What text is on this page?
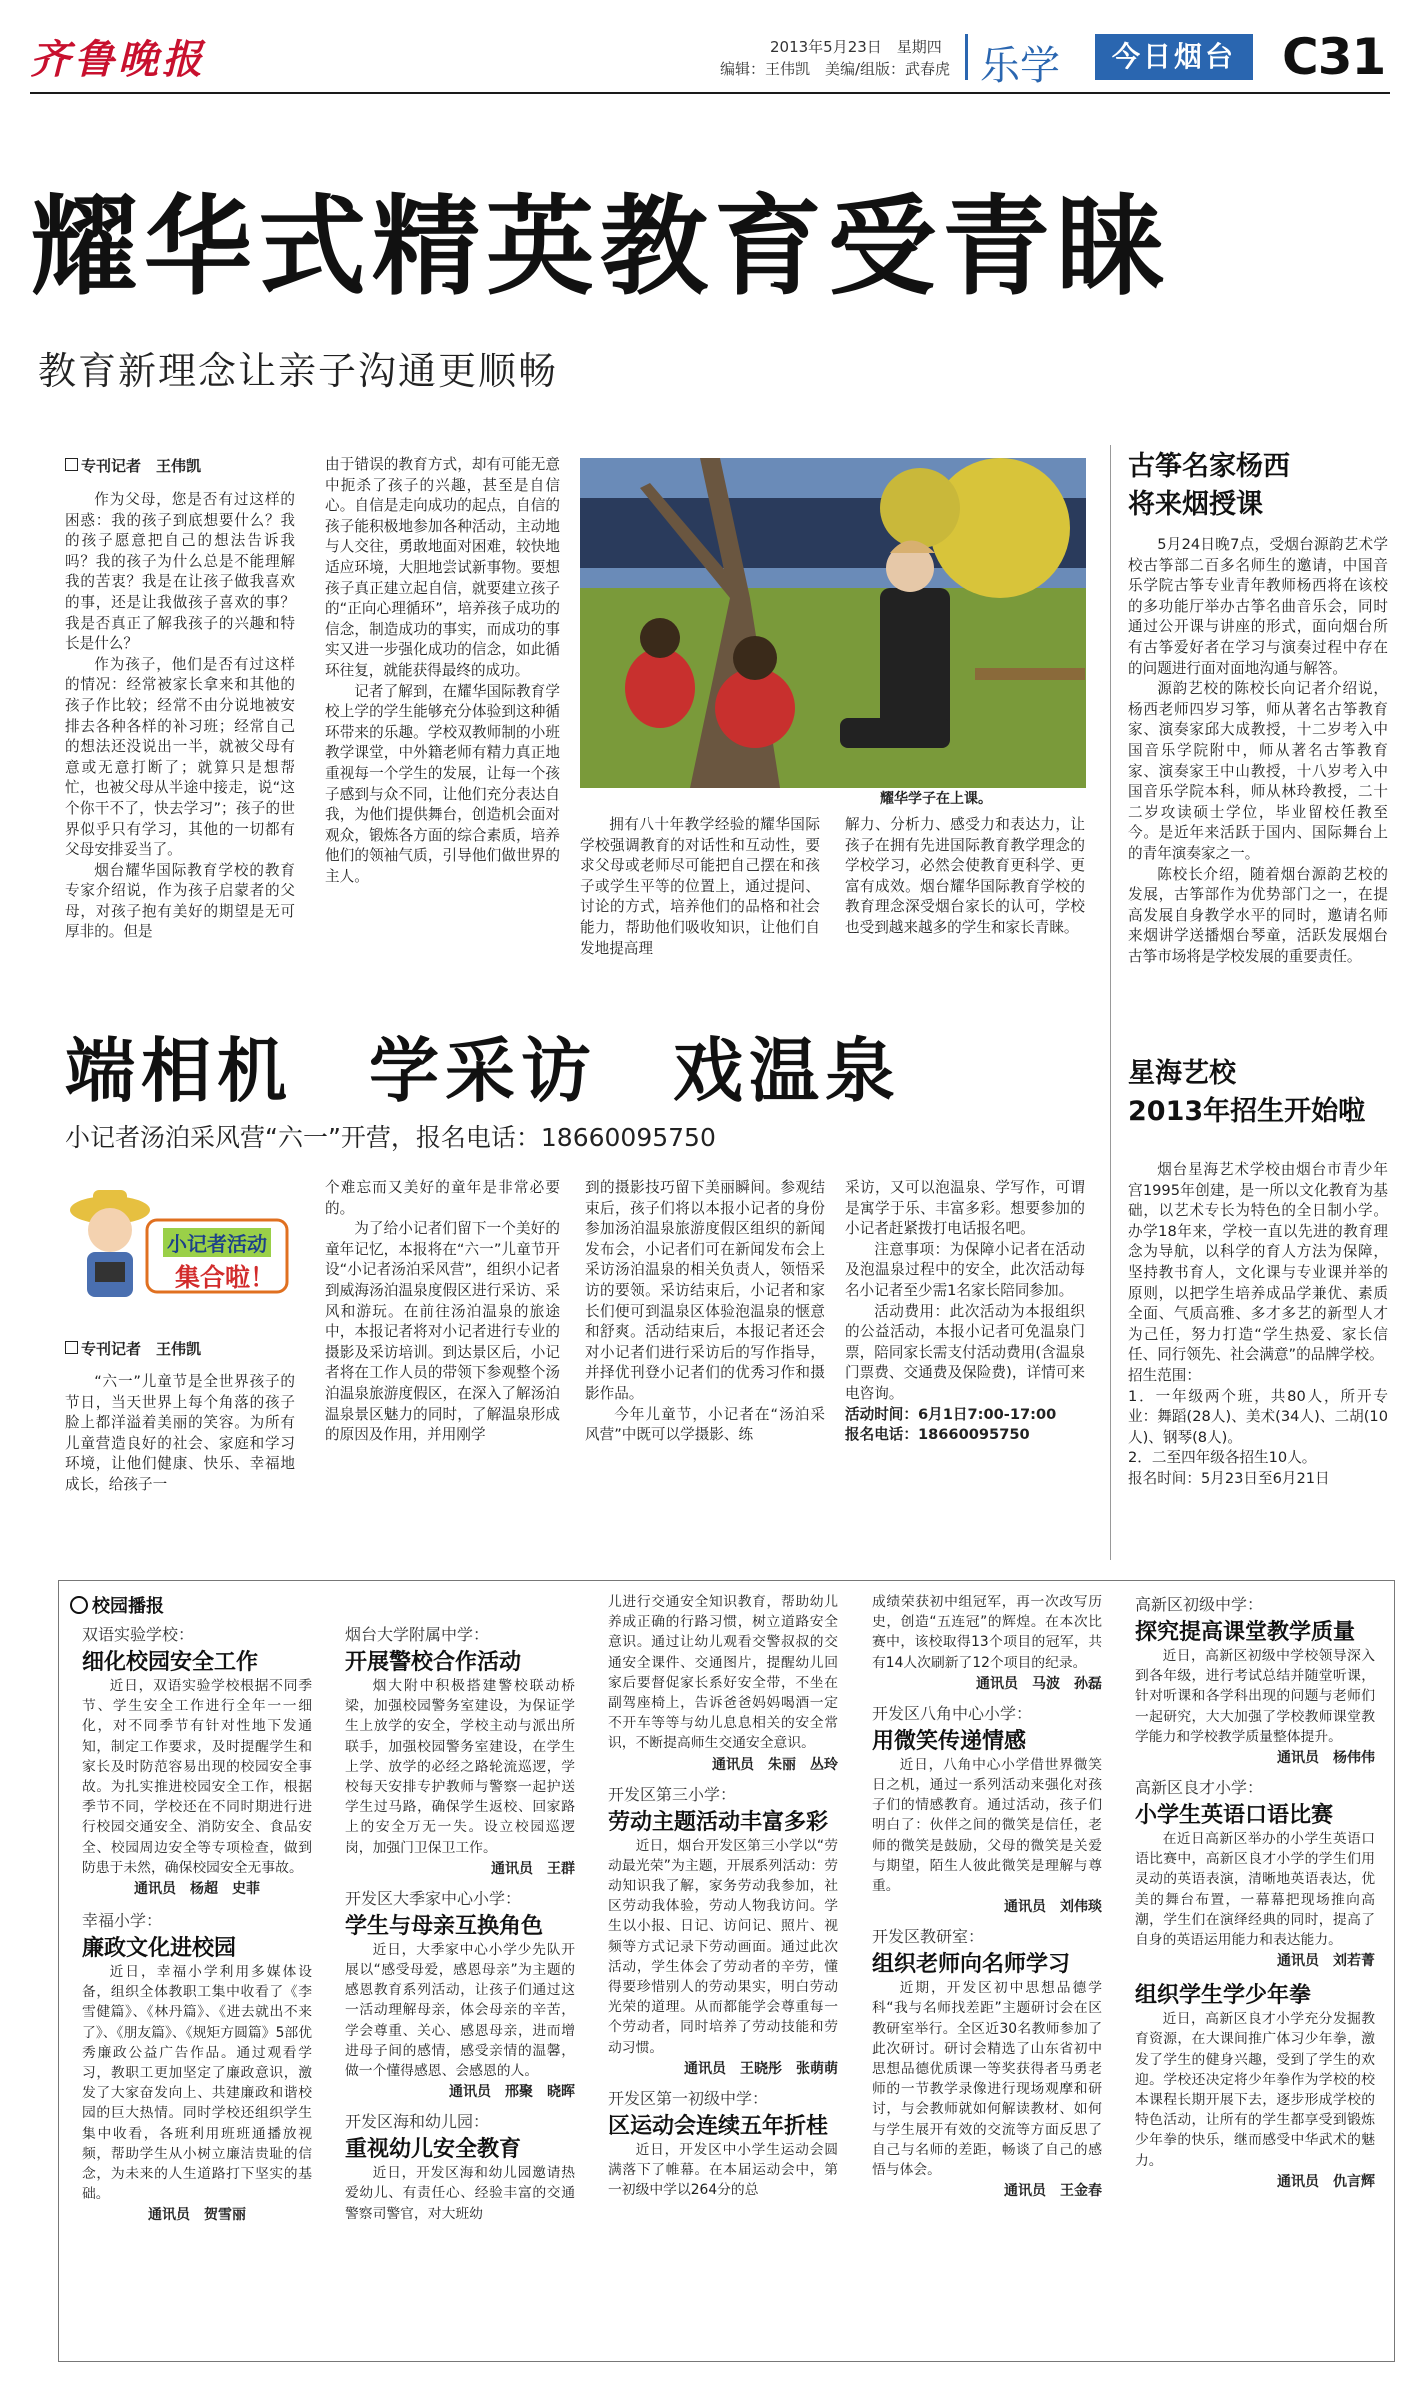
齐鲁晚报	2013年5月23日　星期四
编辑：王伟凯　美编/组版：武春虎 乐学	今日烟台 C31
耀华式精英教育受青睐
教育新理念让亲子沟通更顺畅
专刊记者　王伟凯

作为父母，您是否有过这样的困惑：我的孩子到底想要什么？我的孩子愿意把自己的想法告诉我吗？我的孩子为什么总是不能理解我的苦衷？我是在让孩子做我喜欢的事，还是让我做孩子喜欢的事？我是否真正了解我孩子的兴趣和特长是什么？

作为孩子，他们是否有过这样的情况：经常被家长拿来和其他的孩子作比较；经常不由分说地被安排去各种各样的补习班；经常自己的想法还没说出一半，就被父母有意或无意打断了；就算只是想帮忙，也被父母从半途中接走，说“这个你干不了，快去学习”；孩子的世界似乎只有学习，其他的一切都有父母安排妥当了。

烟台耀华国际教育学校的教育专家介绍说，作为孩子启蒙者的父母，对孩子抱有美好的期望是无可厚非的。但是

由于错误的教育方式，却有可能无意中扼杀了孩子的兴趣，甚至是自信心。自信是走向成功的起点，自信的孩子能积极地参加各种活动，主动地与人交往，勇敢地面对困难，较快地适应环境，大胆地尝试新事物。要想孩子真正建立起自信，就要建立孩子的“正向心理循环”，培养孩子成功的信念，制造成功的事实，而成功的事实又进一步强化成功的信念，如此循环往复，就能获得最终的成功。

记者了解到，在耀华国际教育学校上学的学生能够充分体验到这种循环带来的乐趣。学校双教师制的小班教学课堂，中外籍老师有精力真正地重视每一个学生的发展，让每一个孩子感到与众不同，让他们充分表达自我，为他们提供舞台，创造机会面对观众，锻炼各方面的综合素质，培养他们的领袖气质，引导他们做世界的主人。

耀华学子在上课。

拥有八十年教学经验的耀华国际学校强调教育的对话性和互动性，要求父母或老师尽可能把自己摆在和孩子或学生平等的位置上，通过提问、讨论的方式，培养他们的品格和社会能力，帮助他们吸收知识，让他们自发地提高理

解力、分析力、感受力和表达力，让孩子在拥有先进国际教育教学理念的学校学习，必然会使教育更科学、更富有成效。烟台耀华国际教育学校的教育理念深受烟台家长的认可，学校也受到越来越多的学生和家长青睐。

古筝名家杨西
将来烟授课

5月24日晚7点，受烟台源韵艺术学校古筝部二百多名师生的邀请，中国音乐学院古筝专业青年教师杨西将在该校的多功能厅举办古筝名曲音乐会，同时通过公开课与讲座的形式，面向烟台所有古筝爱好者在学习与演奏过程中存在的问题进行面对面地沟通与解答。

源韵艺校的陈校长向记者介绍说，杨西老师四岁习筝，师从著名古筝教育家、演奏家邱大成教授，十二岁考入中国音乐学院附中，师从著名古筝教育家、演奏家王中山教授，十八岁考入中国音乐学院本科，师从林玲教授，二十二岁攻读硕士学位，毕业留校任教至今。是近年来活跃于国内、国际舞台上的青年演奏家之一。

陈校长介绍，随着烟台源韵艺校的发展，古筝部作为优势部门之一，在提高发展自身教学水平的同时，邀请名师来烟讲学送播烟台琴童，活跃发展烟台古筝市场将是学校发展的重要责任。

星海艺校
2013年招生开始啦

烟台星海艺术学校由烟台市青少年宫1995年创建，是一所以文化教育为基础，以艺术专长为特色的全日制小学。办学18年来，学校一直以先进的教育理念为导航，以科学的育人方法为保障，坚持教书育人，文化课与专业课并举的原则，以把学生培养成品学兼优、素质全面、气质高雅、多才多艺的新型人才为己任，努力打造“学生热爱、家长信任、同行领先、社会满意”的品牌学校。

招生范围：
1．一年级两个班，共80人，所开专业：舞蹈(28人)、美术(34人)、二胡(10人)、钢琴(8人)。
2．二至四年级各招生10人。
报名时间：5月23日至6月21日
端相机　学采访　戏温泉
小记者汤泊采风营“六一”开营，报名电话：18660095750
小记者活动
集合啦！
专刊记者　王伟凯

“六一”儿童节是全世界孩子的节日，当天世界上每个角落的孩子脸上都洋溢着美丽的笑容。为所有儿童营造良好的社会、家庭和学习环境，让他们健康、快乐、幸福地成长，给孩子一

个难忘而又美好的童年是非常必要的。

为了给小记者们留下一个美好的童年记忆，本报将在“六一”儿童节开设“小记者汤泊采风营”，组织小记者到威海汤泊温泉度假区进行采访、采风和游玩。在前往汤泊温泉的旅途中，本报记者将对小记者进行专业的摄影及采访培训。到达景区后，小记者将在工作人员的带领下参观整个汤泊温泉旅游度假区，在深入了解汤泊温泉景区魅力的同时，了解温泉形成的原因及作用，并用刚学

到的摄影技巧留下美丽瞬间。参观结束后，孩子们将以本报小记者的身份参加汤泊温泉旅游度假区组织的新闻发布会，小记者们可在新闻发布会上采访汤泊温泉的相关负责人，领悟采访的要领。采访结束后，小记者和家长们便可到温泉区体验泡温泉的惬意和舒爽。活动结束后，本报记者还会对小记者们进行采访后的写作指导，并择优刊登小记者们的优秀习作和摄影作品。

今年儿童节，小记者在“汤泊采风营”中既可以学摄影、练

采访，又可以泡温泉、学写作，可谓是寓学于乐、丰富多彩。想要参加的小记者赶紧拨打电话报名吧。

注意事项：为保障小记者在活动及泡温泉过程中的安全，此次活动每名小记者至少需1名家长陪同参加。

活动费用：此次活动为本报组织的公益活动，本报小记者可免温泉门票，陪同家长需支付活动费用(含温泉门票费、交通费及保险费)，详情可来电咨询。

活动时间：6月1日7:00-17:00
报名电话：18660095750
校园播报
双语实验学校：
细化校园安全工作

近日，双语实验学校根据不同季节、学生安全工作进行全年一一细化，对不同季节有针对性地下发通知，制定工作要求，及时提醒学生和家长及时防范容易出现的校园安全事故。为扎实推进校园安全工作，根据季节不同，学校还在不同时期进行进行校园交通安全、消防安全、食品安全、校园周边安全等专项检查，做到防患于未然，确保校园安全无事故。

通讯员　杨超　史菲
幸福小学：
廉政文化进校园

近日，幸福小学利用多媒体设备，组织全体教职工集中收看了《李雪健篇》、《林丹篇》、《进去就出不来了》、《朋友篇》、《规矩方圆篇》5部优秀廉政公益广告作品。通过观看学习，教职工更加坚定了廉政意识，激发了大家奋发向上、共建廉政和谐校园的巨大热情。同时学校还组织学生集中收看，各班利用班班通播放视频，帮助学生从小树立廉洁贵耻的信念，为未来的人生道路打下坚实的基础。

通讯员　贺雪丽
烟台大学附属中学：
开展警校合作活动

烟大附中积极搭建警校联动桥梁，加强校园警务室建设，为保证学生上放学的安全，学校主动与派出所联手，加强校园警务室建设，在学生上学、放学的必经之路轮流巡逻，学校每天安排专护教师与警察一起护送学生过马路，确保学生返校、回家路上的安全万无一失。设立校园巡逻岗，加强门卫保卫工作。

通讯员　王群
开发区大季家中心小学：
学生与母亲互换角色

近日，大季家中心小学少先队开展以“感受母爱，感恩母亲”为主题的感恩教育系列活动，让孩子们通过这一活动理解母亲，体会母亲的辛苦，学会尊重、关心、感恩母亲，进而增进母子间的感情，感受亲情的温馨，做一个懂得感恩、会感恩的人。

通讯员　邢聚　晓晖
开发区海和幼儿园：
重视幼儿安全教育

近日，开发区海和幼儿园邀请热爱幼儿、有责任心、经验丰富的交通警察司警官，对大班幼

儿进行交通安全知识教育，帮助幼儿养成正确的行路习惯，树立道路安全意识。通过让幼儿观看交警叔叔的交通安全课件、交通图片，提醒幼儿回家后要督促家长系好安全带，不坐在副驾座椅上，告诉爸爸妈妈喝酒一定不开车等等与幼儿息息相关的安全常识，不断提高师生交通安全意识。

通讯员　朱丽　丛玲
开发区第三小学：
劳动主题活动丰富多彩

近日，烟台开发区第三小学以“劳动最光荣”为主题，开展系列活动：劳动知识我了解，家务劳动我参加，社区劳动我体验，劳动人物我访问。学生以小报、日记、访问记、照片、视频等方式记录下劳动画面。通过此次活动，学生体会了劳动者的辛劳，懂得要珍惜别人的劳动果实，明白劳动光荣的道理。从而都能学会尊重每一个劳动者，同时培养了劳动技能和劳动习惯。

通讯员　王晓彤　张萌萌
开发区第一初级中学：
区运动会连续五年折桂

近日，开发区中小学生运动会圆满落下了帷幕。在本届运动会中，第一初级中学以264分的总

成绩荣获初中组冠军，再一次改写历史，创造“五连冠”的辉煌。在本次比赛中，该校取得13个项目的冠军，共有14人次刷新了12个项目的纪录。

通讯员　马波　孙磊
开发区八角中心小学：
用微笑传递情感

近日，八角中心小学借世界微笑日之机，通过一系列活动来强化对孩子们的情感教育。通过活动，孩子们明白了：伙伴之间的微笑是信任，老师的微笑是鼓励，父母的微笑是关爱与期望，陌生人彼此微笑是理解与尊重。

通讯员　刘伟琰
开发区教研室：
组织老师向名师学习

近期，开发区初中思想品德学科“我与名师找差距”主题研讨会在区教研室举行。全区近30名教师参加了此次研讨。研讨会精选了山东省初中思想品德优质课一等奖获得者马勇老师的一节教学录像进行现场观摩和研讨，与会教师就如何解读教材、如何与学生展开有效的交流等方面反思了自己与名师的差距，畅谈了自己的感悟与体会。

通讯员　王金春
高新区初级中学：
探究提高课堂教学质量

近日，高新区初级中学校领导深入到各年级，进行考试总结并随堂听课，针对听课和各学科出现的问题与老师们一起研究，大大加强了学校教师课堂教学能力和学校教学质量整体提升。

通讯员　杨伟伟
高新区良才小学：
小学生英语口语比赛

在近日高新区举办的小学生英语口语比赛中，高新区良才小学的学生们用灵动的英语表演，清晰地英语表达，优美的舞台布置，一幕幕把现场推向高潮，学生们在演绎经典的同时，提高了自身的英语运用能力和表达能力。

通讯员　刘若菁
组织学生学少年拳

近日，高新区良才小学充分发掘教育资源，在大课间推广体习少年拳，激发了学生的健身兴趣，受到了学生的欢迎。学校还决定将少年拳作为学校的校本课程长期开展下去，逐步形成学校的特色活动，让所有的学生都享受到锻炼少年拳的快乐，继而感受中华武术的魅力。

通讯员　仇言辉
